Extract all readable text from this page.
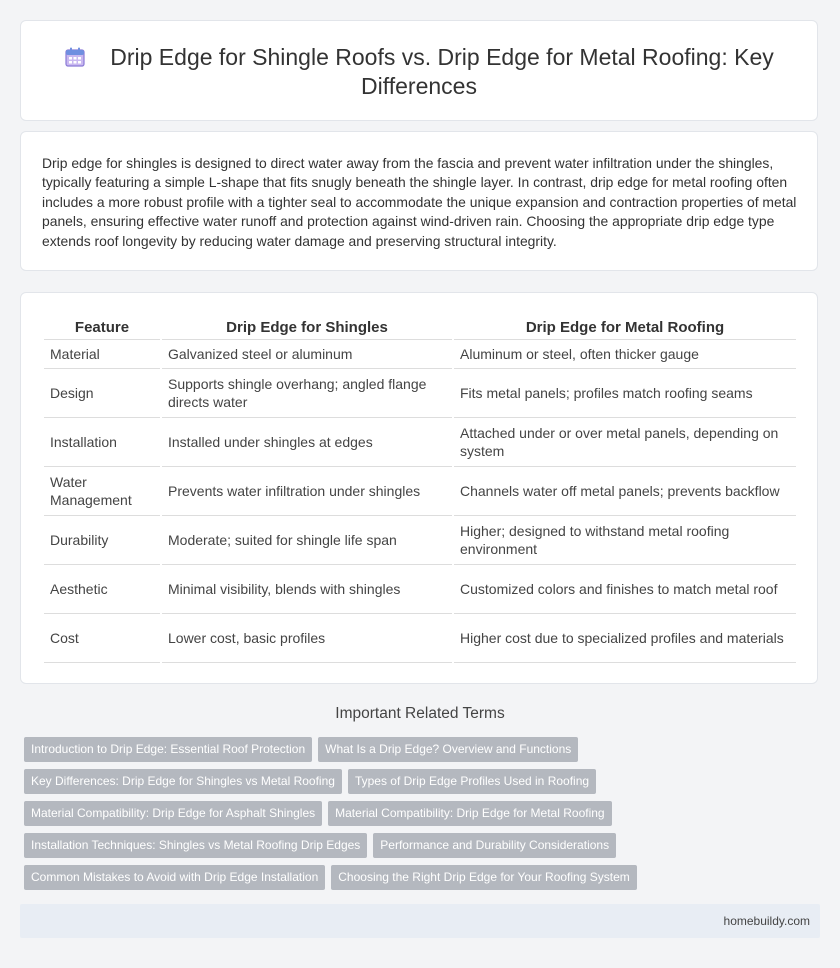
Drip Edge for Shingle Roofs vs. Drip Edge for Metal Roofing: Key Differences
Drip edge for shingles is designed to direct water away from the fascia and prevent water infiltration under the shingles, typically featuring a simple L-shape that fits snugly beneath the shingle layer. In contrast, drip edge for metal roofing often includes a more robust profile with a tighter seal to accommodate the unique expansion and contraction properties of metal panels, ensuring effective water runoff and protection against wind-driven rain. Choosing the appropriate drip edge type extends roof longevity by reducing water damage and preserving structural integrity.
Feature	Drip Edge for Shingles	Drip Edge for Metal Roofing
Material	Galvanized steel or aluminum	Aluminum or steel, often thicker gauge
Design	Supports shingle overhang; angled flange directs water	Fits metal panels; profiles match roofing seams
Installation	Installed under shingles at edges	Attached under or over metal panels, depending on system
Water Management	Prevents water infiltration under shingles	Channels water off metal panels; prevents backflow
Durability	Moderate; suited for shingle life span	Higher; designed to withstand metal roofing environment
Aesthetic	Minimal visibility, blends with shingles	Customized colors and finishes to match metal roof
Cost	Lower cost, basic profiles	Higher cost due to specialized profiles and materials
Important Related Terms
Introduction to Drip Edge: Essential Roof Protection What Is a Drip Edge? Overview and Functions
Key Differences: Drip Edge for Shingles vs Metal Roofing Types of Drip Edge Profiles Used in Roofing
Material Compatibility: Drip Edge for Asphalt Shingles Material Compatibility: Drip Edge for Metal Roofing
Installation Techniques: Shingles vs Metal Roofing Drip Edges Performance and Durability Considerations
Common Mistakes to Avoid with Drip Edge Installation Choosing the Right Drip Edge for Your Roofing System
homebuildy.com
